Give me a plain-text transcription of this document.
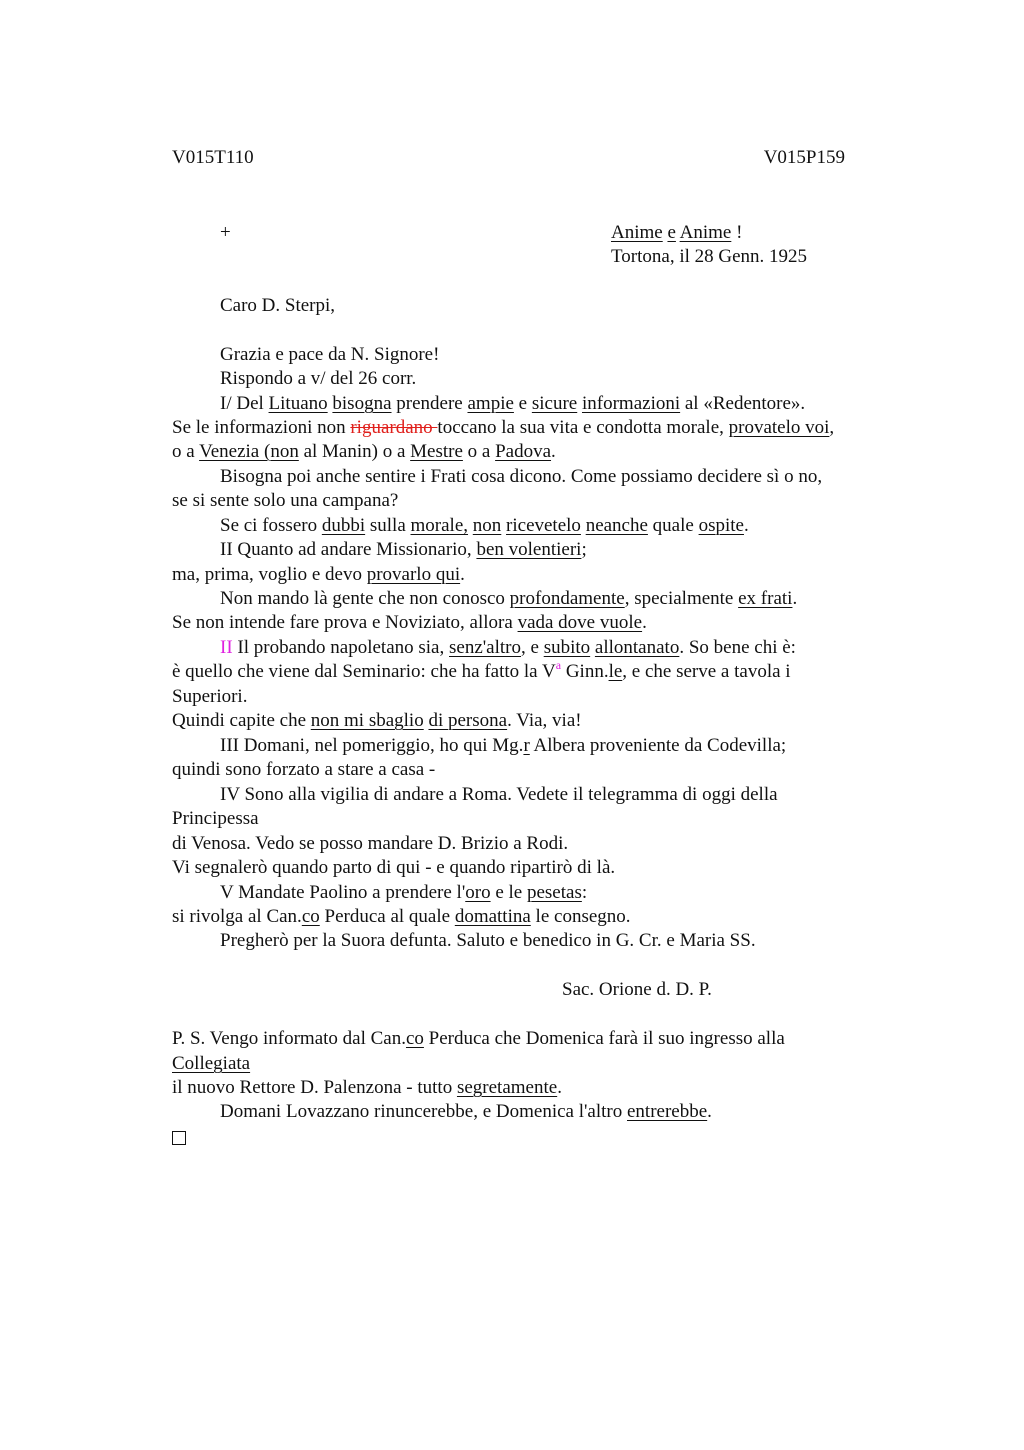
V015T110	V015P159
+	Anime e Anime !
Tortona, il 28 Genn. 1925
Caro D. Sterpi,
Grazia e pace da N. Signore!
Rispondo a v/ del 26 corr.
I/ Del Lituano bisogna prendere ampie e sicure informazioni al «Redentore».
Se le informazioni non riguardano toccano la sua vita e condotta morale, provatelo voi,
o a Venezia (non al Manin) o a Mestre o a Padova.
Bisogna poi anche sentire i Frati cosa dicono. Come possiamo decidere sì o no,
se si sente solo una campana?
Se ci fossero dubbi sulla morale, non ricevetelo neanche quale ospite.
II Quanto ad andare Missionario, ben volentieri;
ma, prima, voglio e devo provarlo qui.
Non mando là gente che non conosco profondamente, specialmente ex frati.
Se non intende fare prova e Noviziato, allora vada dove vuole.
II Il probando napoletano sia, senz'altro, e subito allontanato. So bene chi è:
è quello che viene dal Seminario: che ha fatto la $V^a$ Ginn.le, e che serve a tavola i
Superiori.
Quindi capite che non mi sbaglio di persona. Via, via!
III Domani, nel pomeriggio, ho qui Mg.r Albera proveniente da Codevilla;
quindi sono forzato a stare a casa -
IV Sono alla vigilia di andare a Roma. Vedete il telegramma di oggi della
Principessa
di Venosa. Vedo se posso mandare D. Brizio a Rodi.
Vi segnalerò quando parto di qui - e quando ripartirò di là.
V Mandate Paolino a prendere l'oro e le pesetas:
si rivolga al Can.co Perduca al quale domattina le consegno.
Pregherò per la Suora defunta. Saluto e benedico in G. Cr. e Maria SS.
Sac. Orione d. D. P.
P. S. Vengo informato dal Can.co Perduca che Domenica farà il suo ingresso alla
Collegiata
il nuovo Rettore D. Palenzona - tutto segretamente.
Domani Lovazzano rinuncerebbe, e Domenica l'altro entrerebbe.
